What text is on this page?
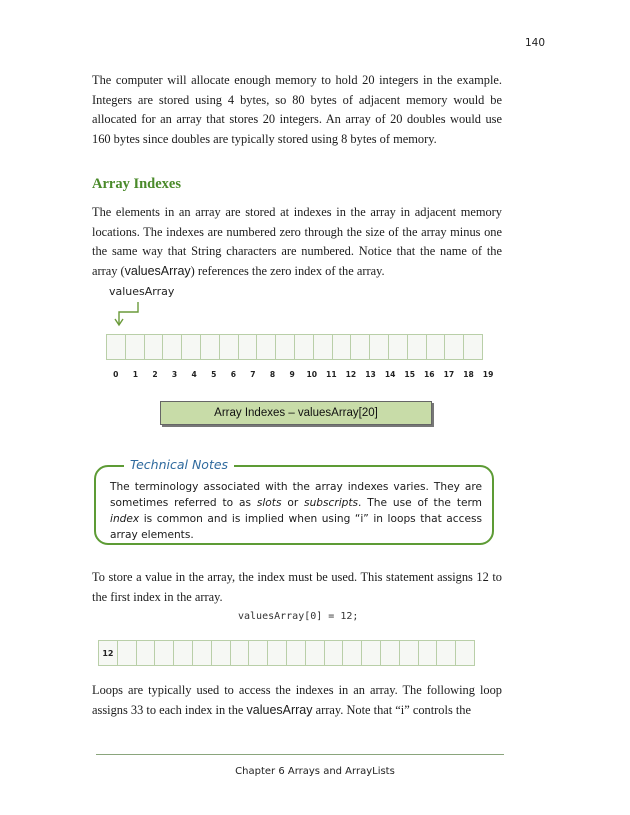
140

The computer will allocate enough memory to hold 20 integers in the example. Integers are stored using 4 bytes, so 80 bytes of adjacent memory would be allocated for an array that stores 20 integers. An array of 20 doubles would use 160 bytes since doubles are typically stored using 8 bytes of memory.

Array Indexes

The elements in an array are stored at indexes in the array in adjacent memory locations. The indexes are numbered zero through the size of the array minus one the same way that String characters are numbered. Notice that the name of the array (valuesArray) references the zero index of the array.

valuesArray
0	1	2	3	4	5	6	7	8	9	10	11	12	13	14	15	16	17	18	19
Array Indexes – valuesArray[20]
Technical Notes

The terminology associated with the array indexes varies. They are sometimes referred to as slots or subscripts. The use of the term index is common and is implied when using “i” in loops that access array elements.

To store a value in the array, the index must be used. This statement assigns 12 to the first index in the array.

valuesArray[0] = 12;
12

Loops are typically used to access the indexes in an array. The following loop assigns 33 to each index in the valuesArray array. Note that “i” controls the

Chapter 6 Arrays and ArrayLists
